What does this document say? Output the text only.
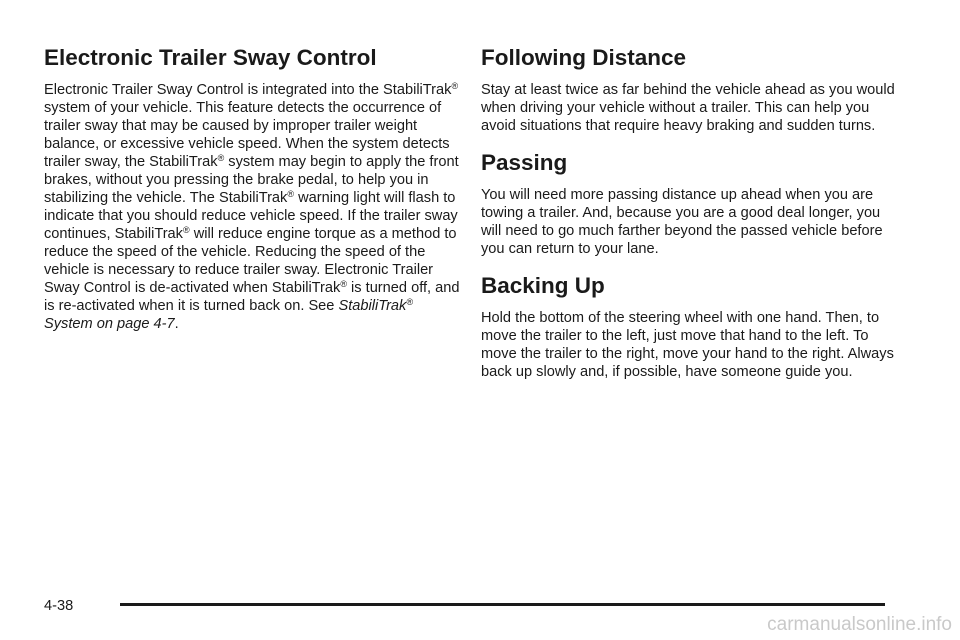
Electronic Trailer Sway Control

Electronic Trailer Sway Control is integrated into the StabiliTrak® system of your vehicle. This feature detects the occurrence of trailer sway that may be caused by improper trailer weight balance, or excessive vehicle speed. When the system detects trailer sway, the StabiliTrak® system may begin to apply the front brakes, without you pressing the brake pedal, to help you in stabilizing the vehicle. The StabiliTrak® warning light will flash to indicate that you should reduce vehicle speed. If the trailer sway continues, StabiliTrak® will reduce engine torque as a method to reduce the speed of the vehicle. Reducing the speed of the vehicle is necessary to reduce trailer sway. Electronic Trailer Sway Control is de-activated when StabiliTrak® is turned off, and is re-activated when it is turned back on. See StabiliTrak® System on page 4-7.

Following Distance

Stay at least twice as far behind the vehicle ahead as you would when driving your vehicle without a trailer. This can help you avoid situations that require heavy braking and sudden turns.

Passing

You will need more passing distance up ahead when you are towing a trailer. And, because you are a good deal longer, you will need to go much farther beyond the passed vehicle before you can return to your lane.

Backing Up

Hold the bottom of the steering wheel with one hand. Then, to move the trailer to the left, just move that hand to the left. To move the trailer to the right, move your hand to the right. Always back up slowly and, if possible, have someone guide you.

4-38
carmanualsonline.info
